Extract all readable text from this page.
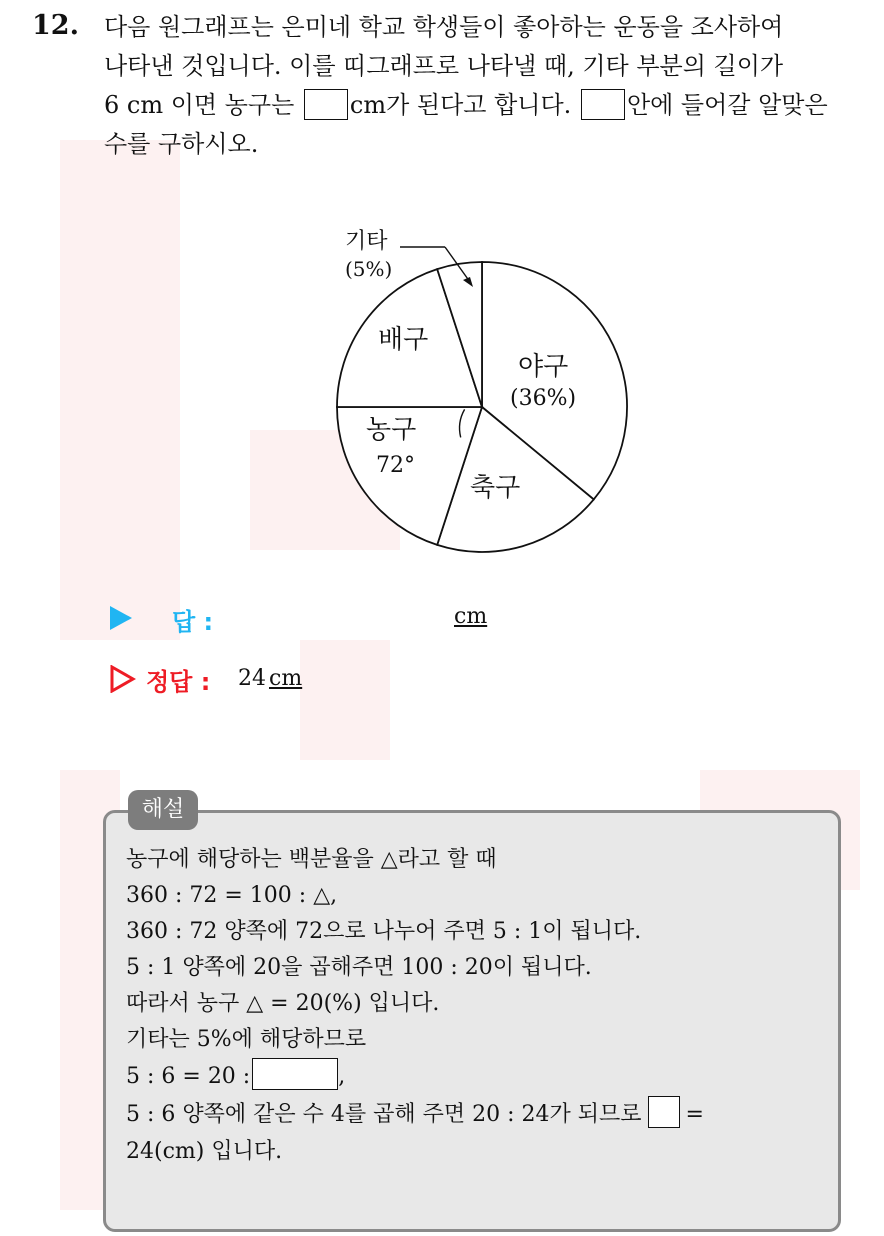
12. 다음 원그래프는 은미네 학교 학생들이 좋아하는 운동을 조사하여
나타낸 것입니다. 이를 띠그래프로 나타낼 때, 기타 부분의 길이가
6 cm 이면 농구는 cm가 된다고 합니다. 안에 들어갈 알맞은
수를 구하시오.
기타
(5%)
배구
야구
(36%)
농구
72°
축구
답 :	cm
정답 : 24 cm
해설
농구에 해당하는 백분율을 △라고 할 때
360 : 72 = 100 : △,
360 : 72 양쪽에 72으로 나누어 주면 5 : 1이 됩니다.
5 : 1 양쪽에 20을 곱해주면 100 : 20이 됩니다.
따라서 농구 △ = 20(%) 입니다.
기타는 5%에 해당하므로
5 : 6 = 20 :	,
5 : 6 양쪽에 같은 수 4를 곱해 주면 20 : 24가 되므로 =
24(cm) 입니다.
